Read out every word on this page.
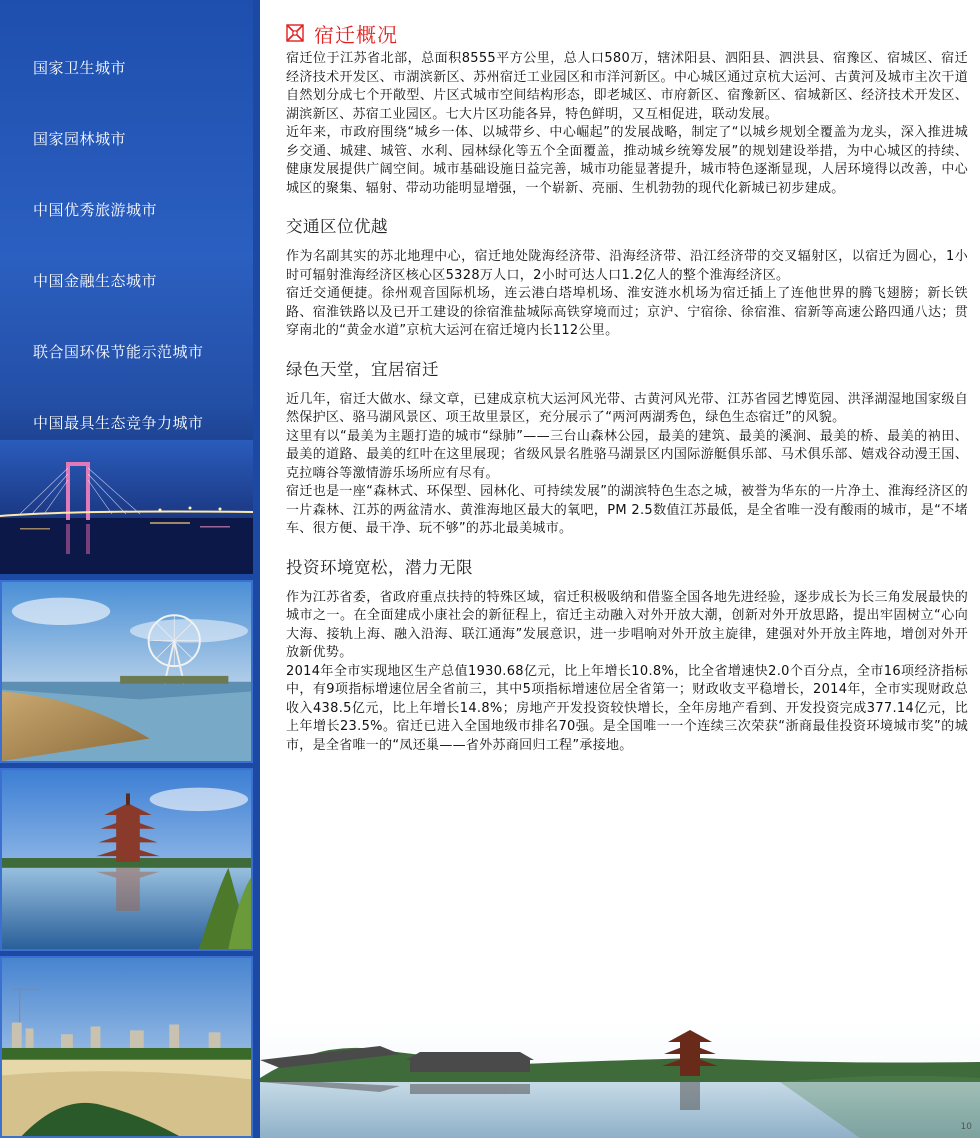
国家卫生城市
国家园林城市
中国优秀旅游城市
中国金融生态城市
联合国环保节能示范城市
中国最具生态竞争力城市
宿迁概况

宿迁位于江苏省北部，总面积8555平方公里，总人口580万，辖沭阳县、泗阳县、泗洪县、宿豫区、宿城区、宿迁经济技术开发区、市湖滨新区、苏州宿迁工业园区和市洋河新区。中心城区通过京杭大运河、古黄河及城市主次干道自然划分成七个开敞型、片区式城市空间结构形态，即老城区、市府新区、宿豫新区、宿城新区、经济技术开发区、湖滨新区、苏宿工业园区。七大片区功能各异，特色鲜明，又互相促进，联动发展。

近年来，市政府围绕“城乡一体、以城带乡、中心崛起”的发展战略，制定了“以城乡规划全覆盖为龙头，深入推进城乡交通、城建、城管、水利、园林绿化等五个全面覆盖，推动城乡统筹发展”的规划建设举措，为中心城区的持续、健康发展提供广阔空间。城市基础设施日益完善，城市功能显著提升，城市特色逐渐显现，人居环境得以改善，中心城区的聚集、辐射、带动功能明显增强，一个崭新、亮丽、生机勃勃的现代化新城已初步建成。

交通区位优越

作为名副其实的苏北地理中心，宿迁地处陇海经济带、沿海经济带、沿江经济带的交叉辐射区，以宿迁为圆心，1小时可辐射淮海经济区核心区5328万人口，2小时可达人口1.2亿人的整个淮海经济区。

宿迁交通便捷。徐州观音国际机场，连云港白塔埠机场、淮安涟水机场为宿迁插上了连他世界的腾飞翅膀；新长铁路、宿淮铁路以及已开工建设的徐宿淮盐城际高铁穿境而过；京沪、宁宿徐、徐宿淮、宿新等高速公路四通八达；贯穿南北的“黄金水道”京杭大运河在宿迁境内长112公里。

绿色天堂，宜居宿迁

近几年，宿迁大做水、绿文章，已建成京杭大运河风光带、古黄河风光带、江苏省园艺博览园、洪泽湖湿地国家级自然保护区、骆马湖风景区、项王故里景区，充分展示了“两河两湖秀色，绿色生态宿迁”的风貌。

这里有以“最美为主题打造的城市“绿肺”——三台山森林公园，最美的建筑、最美的溪涧、最美的桥、最美的衲田、最美的道路、最美的红叶在这里展现；省级风景名胜骆马湖景区内国际游艇俱乐部、马术俱乐部、嬉戏谷动漫王国、克拉嗨谷等激情游乐场所应有尽有。

宿迁也是一座“森林式、环保型、园林化、可持续发展”的湖滨特色生态之城，被誉为华东的一片净土、淮海经济区的一片森林、江苏的两盆清水、黄淮海地区最大的氧吧，PM 2.5数值江苏最低，是全省唯一没有酸雨的城市，是“不堵车、很方便、最干净、玩不够”的苏北最美城市。

投资环境宽松，潜力无限

作为江苏省委，省政府重点扶持的特殊区域，宿迁积极吸纳和借鉴全国各地先进经验，逐步成长为长三角发展最快的城市之一。在全面建成小康社会的新征程上，宿迁主动融入对外开放大潮，创新对外开放思路，提出牢固树立“心向大海、接轨上海、融入沿海、联江通海”发展意识，进一步唱响对外开放主旋律，建强对外开放主阵地，增创对外开放新优势。

2014年全市实现地区生产总值1930.68亿元，比上年增长10.8%，比全省增速快2.0个百分点，全市16项经济指标中，有9项指标增速位居全省前三，其中5项指标增速位居全省第一；财政收支平稳增长，2014年，全市实现财政总收入438.5亿元，比上年增长14.8%；房地产开发投资较快增长，全年房地产看到、开发投资完成377.14亿元，比上年增长23.5%。宿迁已进入全国地级市排名70强。是全国唯一一个连续三次荣获“浙商最佳投资环境城市奖”的城市，是全省唯一的“凤还巢——省外苏商回归工程”承接地。

10
